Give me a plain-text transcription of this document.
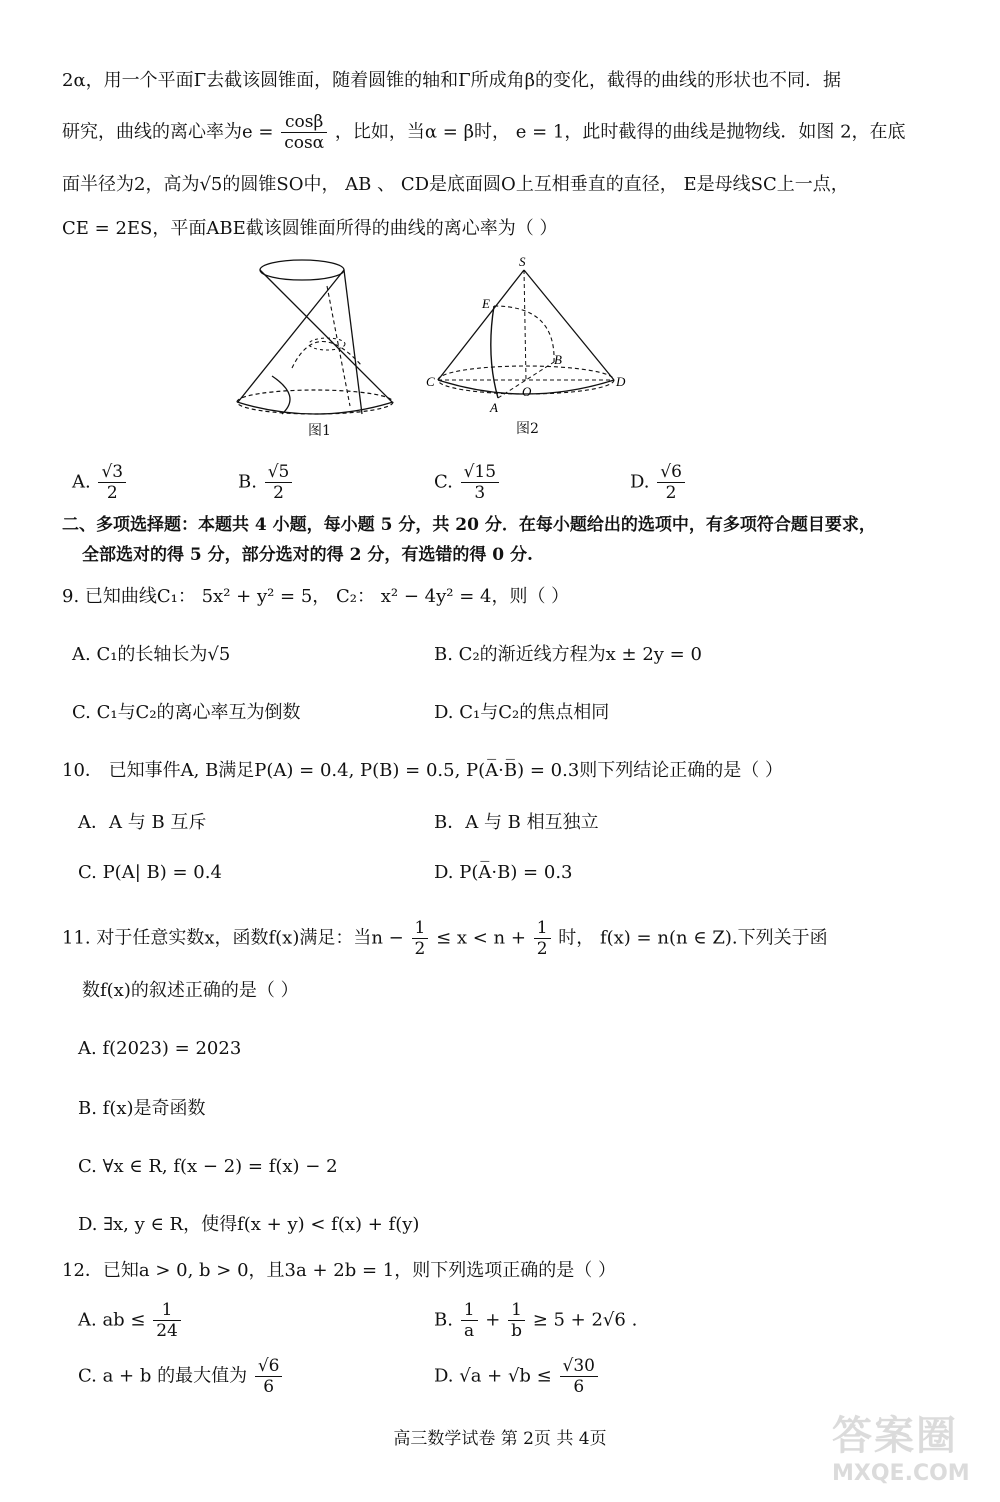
2α，用一个平面Γ去截该圆锥面，随着圆锥的轴和Γ所成角β的变化，截得的曲线的形状也不同．据
研究，曲线的离心率为$e = \frac{\cos\beta}{\cos\alpha}$ ，比如，当α = β时， e = 1，此时截得的曲线是抛物线．如图 2，在底
面半径为2，高为√5的圆锥SO中， AB 、 CD是底面圆O上互相垂直的直径， E是母线SC上一点，
CE = 2ES，平面ABE截该圆锥面所得的曲线的离心率为（ ）
图1
S
E
B
C
O
D
A
图2
A. $\frac{√3}{2}$	B. $\frac{√5}{2}$	C. $\frac{√15}{3}$	D. $\frac{√6}{2}$
二、多项选择题：本题共 4 小题，每小题 5 分，共 20 分．在每小题给出的选项中，有多项符合题目要求，
全部选对的得 5 分，部分选对的得 2 分，有选错的得 0 分.
9. 已知曲线C₁： 5x² + y² = 5， C₂： x² − 4y² = 4，则（ ）
A. C₁的长轴长为√5	B. C₂的渐近线方程为x ± 2y = 0
C. C₁与C₂的离心率互为倒数	D. C₁与C₂的焦点相同
10． 已知事件A, B满足P(A) = 0.4, P(B) = 0.5, P(A̅·B̅) = 0.3则下列结论正确的是（ ）
A．A 与 B 互斥	B．A 与 B 相互独立
C. P(A| B) = 0.4	D. P(A̅·B) = 0.3
11. 对于任意实数x，函数f(x)满足：当$n - \frac{1}{2} \le x < n + \frac{1}{2}$ 时， f(x) = n(n ∈ Z).下列关于函
数f(x)的叙述正确的是（ ）
A. f(2023) = 2023
B. f(x)是奇函数
C. ∀x ∈ R, f(x − 2) = f(x) − 2
D. ∃x, y ∈ R，使得f(x + y) < f(x) + f(y)
12．已知a > 0, b > 0，且3a + 2b = 1，则下列选项正确的是（ ）
A. ab ≤ $\frac{1}{24}$	B. $\frac{1}{a} + \frac{1}{b} \ge 5 + 2√6$ .
C. a + b 的最大值为 $\frac{√6}{6}$	D. $√a + √b \le \frac{√30}{6}$
高三数学试卷 第 2页 共 4页	答案圈
MXQE.COM
